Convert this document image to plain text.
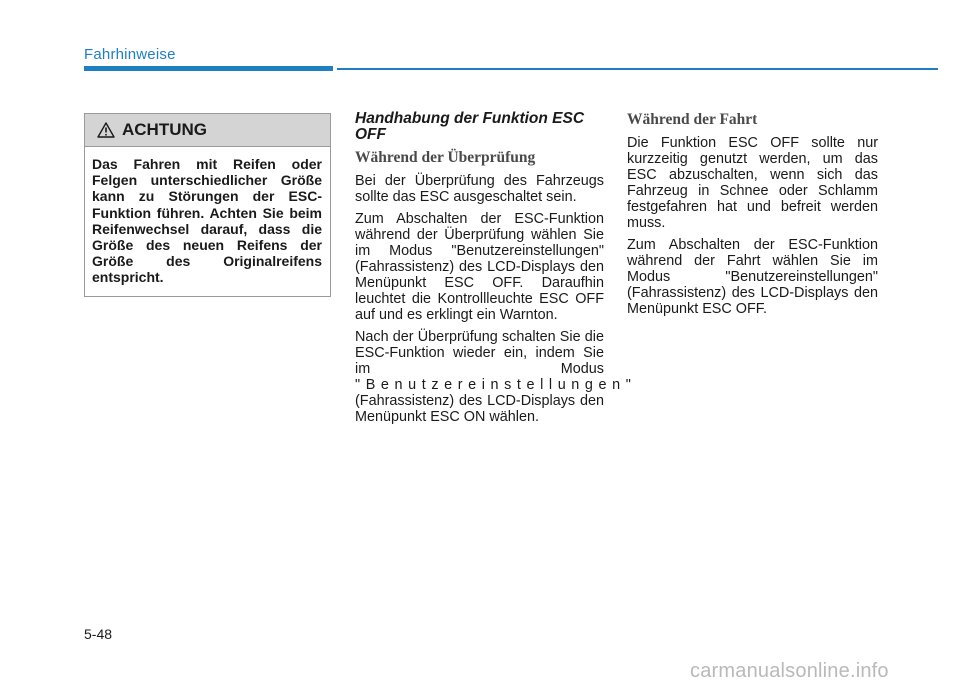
Fahrhinweise
ACHTUNG
Das Fahren mit Reifen oder Felgen unterschiedlicher Größe kann zu Störungen der ESC-Funktion führen. Achten Sie beim Reifenwechsel darauf, dass die Größe des neuen Reifens der Größe des Originalreifens entspricht.
Handhabung der Funktion ESC OFF
Während der Überprüfung

Bei der Überprüfung des Fahrzeugs sollte das ESC ausgeschaltet sein.

Zum Abschalten der ESC-Funktion während der Überprüfung wählen Sie im Modus "Benutzereinstellungen" (Fahrassistenz) des LCD-Displays den Menüpunkt ESC OFF. Daraufhin leuchtet die Kontrollleuchte ESC OFF auf und es erklingt ein Warnton.

Nach der Überprüfung schalten Sie die ESC-Funktion wieder ein, indem Sie im Modus "Benutzereinstellungen" (Fahrassistenz) des LCD-Displays den Menüpunkt ESC ON wählen.

Während der Fahrt

Die Funktion ESC OFF sollte nur kurzzeitig genutzt werden, um das ESC abzuschalten, wenn sich das Fahrzeug in Schnee oder Schlamm festgefahren hat und befreit werden muss.

Zum Abschalten der ESC-Funktion während der Fahrt wählen Sie im Modus "Benutzereinstellungen" (Fahrassistenz) des LCD-Displays den Menüpunkt ESC OFF.

5-48
carmanualsonline.info
